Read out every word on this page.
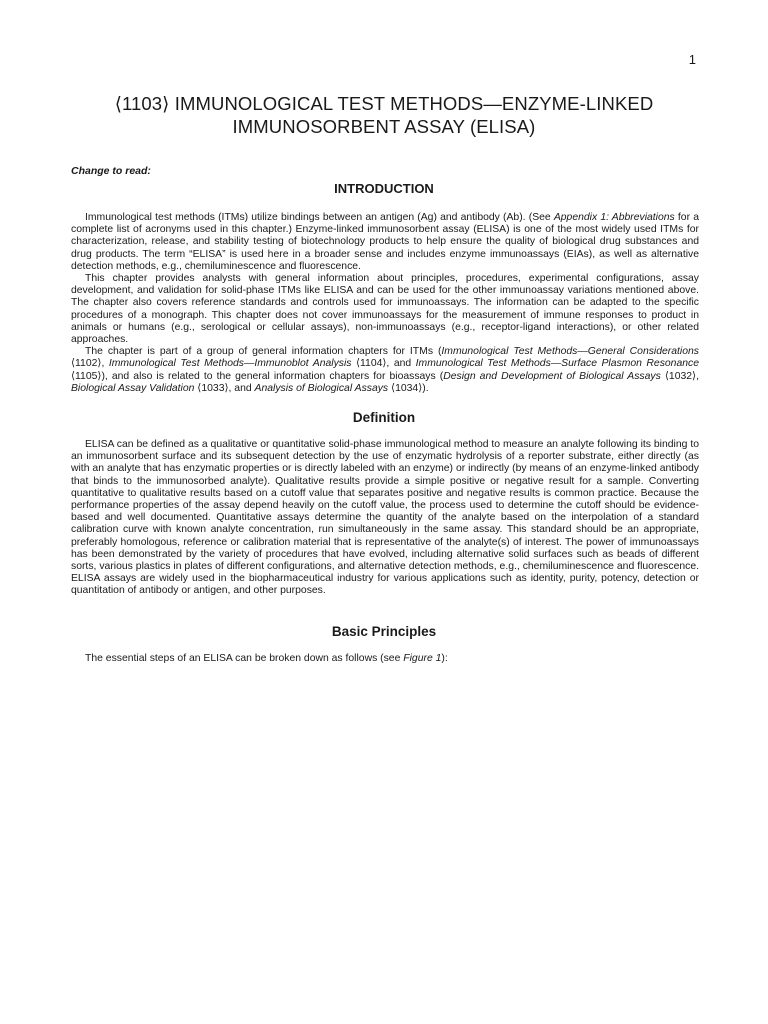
1
⟨1103⟩ IMMUNOLOGICAL TEST METHODS—ENZYME-LINKED
IMMUNOSORBENT ASSAY (ELISA)
Change to read:
INTRODUCTION

Immunological test methods (ITMs) utilize bindings between an antigen (Ag) and antibody (Ab). (See Appendix 1: Abbreviations for a complete list of acronyms used in this chapter.) Enzyme-linked immunosorbent assay (ELISA) is one of the most widely used ITMs for characterization, release, and stability testing of biotechnology products to help ensure the quality of biological drug substances and drug products. The term “ELISA” is used here in a broader sense and includes enzyme immunoassays (EIAs), as well as alternative detection methods, e.g., chemiluminescence and fluorescence.

This chapter provides analysts with general information about principles, procedures, experimental configurations, assay development, and validation for solid-phase ITMs like ELISA and can be used for the other immunoassay variations mentioned above. The chapter also covers reference standards and controls used for immunoassays. The information can be adapted to the specific procedures of a monograph. This chapter does not cover immunoassays for the measurement of immune responses to product in animals or humans (e.g., serological or cellular assays), non-immunoassays (e.g., receptor-ligand interactions), or other related approaches.

The chapter is part of a group of general information chapters for ITMs (Immunological Test Methods—General Considerations ⟨1102⟩, Immunological Test Methods—Immunoblot Analysis ⟨1104⟩, and Immunological Test Methods—Surface Plasmon Resonance ⟨1105⟩), and also is related to the general information chapters for bioassays (Design and Development of Biological Assays ⟨1032⟩, Biological Assay Validation ⟨1033⟩, and Analysis of Biological Assays ⟨1034⟩).

Definition

ELISA can be defined as a qualitative or quantitative solid-phase immunological method to measure an analyte following its binding to an immunosorbent surface and its subsequent detection by the use of enzymatic hydrolysis of a reporter substrate, either directly (as with an analyte that has enzymatic properties or is directly labeled with an enzyme) or indirectly (by means of an enzyme-linked antibody that binds to the immunosorbed analyte). Qualitative results provide a simple positive or negative result for a sample. Converting quantitative to qualitative results based on a cutoff value that separates positive and negative results is common practice. Because the performance properties of the assay depend heavily on the cutoff value, the process used to determine the cutoff should be evidence-based and well documented. Quantitative assays determine the quantity of the analyte based on the interpolation of a standard calibration curve with known analyte concentration, run simultaneously in the same assay. This standard should be an appropriate, preferably homologous, reference or calibration material that is representative of the analyte(s) of interest. The power of immunoassays has been demonstrated by the variety of procedures that have evolved, including alternative solid surfaces such as beads of different sorts, various plastics in plates of different configurations, and alternative detection methods, e.g., chemiluminescence and fluorescence. ELISA assays are widely used in the biopharmaceutical industry for various applications such as identity, purity, potency, detection or quantitation of antibody or antigen, and other purposes.

Basic Principles

The essential steps of an ELISA can be broken down as follows (see Figure 1):
